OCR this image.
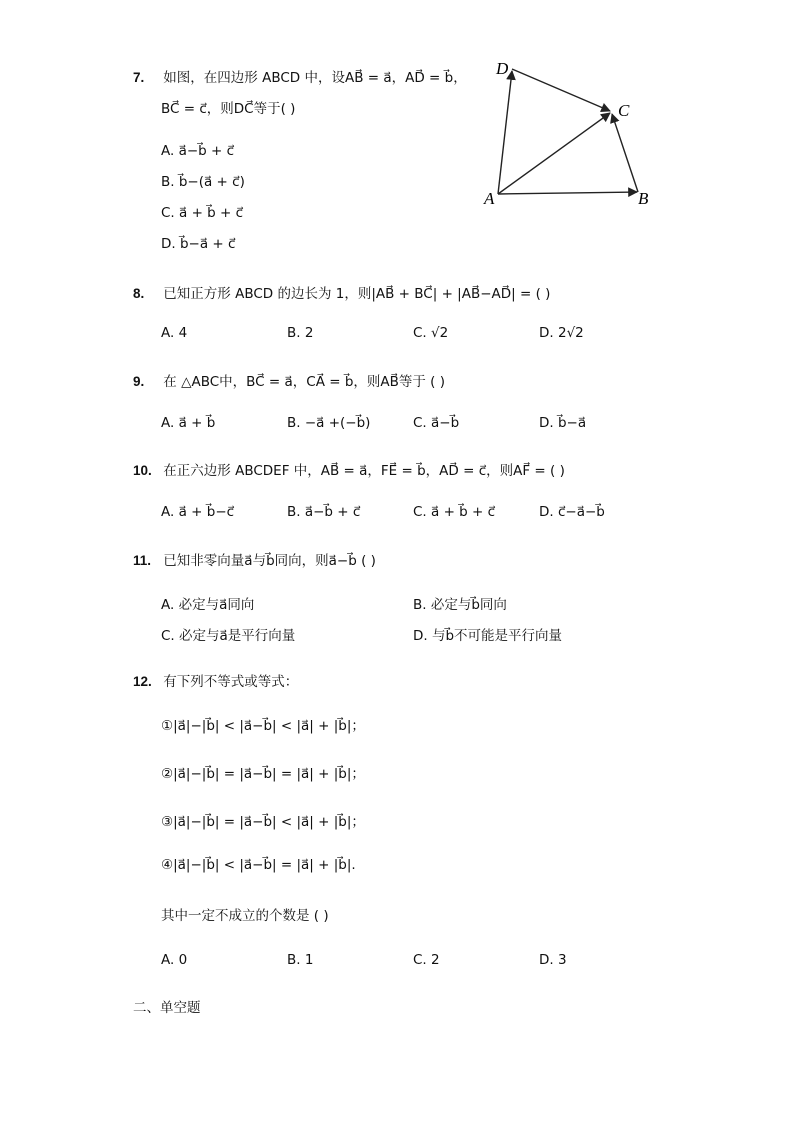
7. 如图，在四边形 ABCD 中，设AB⃗ = a⃗，AD⃗ = b⃗，
BC⃗ = c⃗，则DC⃗等于( )
A. a⃗−b⃗ + c⃗
B. b⃗−(a⃗ + c⃗)
C. a⃗ + b⃗ + c⃗
D. b⃗−a⃗ + c⃗
A	B
C
D
8. 已知正方形 ABCD 的边长为 1，则|AB⃗ + BC⃗| + |AB⃗−AD⃗| = ( )
A. 4	B. 2	C. √2	D. 2√2
9. 在 △ABC中，BC⃗ = a⃗，CA⃗ = b⃗，则AB⃗等于 ( )
A. a⃗ + b⃗	B. −a⃗ +(−b⃗)	C. a⃗−b⃗	D. b⃗−a⃗
10. 在正六边形 ABCDEF 中，AB⃗ = a⃗，FE⃗ = b⃗，AD⃗ = c⃗，则AF⃗ = ( )
A. a⃗ + b⃗−c⃗	B. a⃗−b⃗ + c⃗	C. a⃗ + b⃗ + c⃗	D. c⃗−a⃗−b⃗
11. 已知非零向量a⃗与b⃗同向，则a⃗−b⃗ ( )
A. 必定与a⃗同向	B. 必定与b⃗同向
C. 必定与a⃗是平行向量	D. 与b⃗不可能是平行向量
12. 有下列不等式或等式：
①|a⃗|−|b⃗| < |a⃗−b⃗| < |a⃗| + |b⃗|；
②|a⃗|−|b⃗| = |a⃗−b⃗| = |a⃗| + |b⃗|；
③|a⃗|−|b⃗| = |a⃗−b⃗| < |a⃗| + |b⃗|；
④|a⃗|−|b⃗| < |a⃗−b⃗| = |a⃗| + |b⃗|.
其中一定不成立的个数是 ( )
A. 0	B. 1	C. 2	D. 3
二、单空题
